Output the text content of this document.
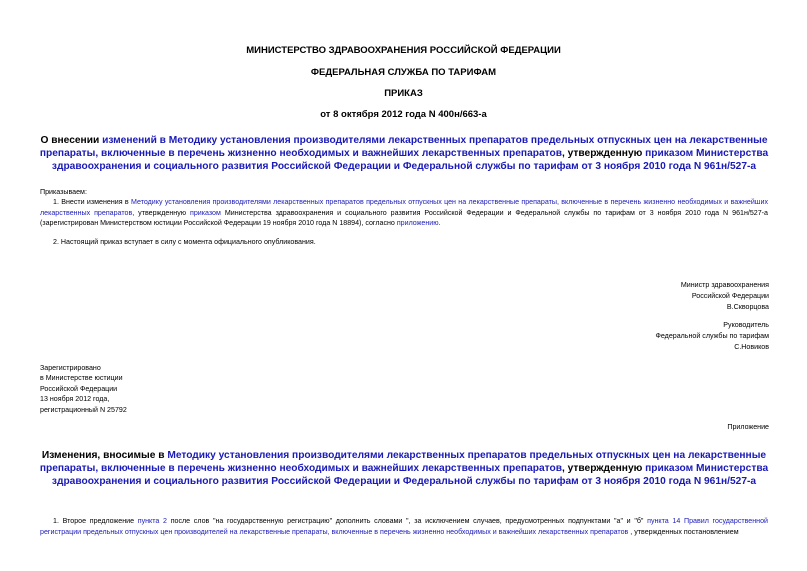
МИНИСТЕРСТВО ЗДРАВООХРАНЕНИЯ РОССИЙСКОЙ ФЕДЕРАЦИИ
ФЕДЕРАЛЬНАЯ СЛУЖБА ПО ТАРИФАМ
ПРИКАЗ
от 8 октября 2012 года N 400н/663-а
О внесении изменений в Методику установления производителями лекарственных препаратов предельных отпускных цен на лекарственные препараты, включенные в перечень жизненно необходимых и важнейших лекарственных препаратов, утвержденную приказом Министерства здравоохранения и социального развития Российской Федерации и Федеральной службы по тарифам от 3 ноября 2010 года N 961н/527-а
Приказываем:
1. Внести изменения в Методику установления производителями лекарственных препаратов предельных отпускных цен на лекарственные препараты, включенные в перечень жизненно необходимых и важнейших лекарственных препаратов, утвержденную приказом Министерства здравоохранения и социального развития Российской Федерации и Федеральной службы по тарифам от 3 ноября 2010 года N 961н/527-а (зарегистрирован Министерством юстиции Российской Федерации 19 ноября 2010 года N 18894), согласно приложению.
2. Настоящий приказ вступает в силу с момента официального опубликования.
Министр здравоохранения
Российской Федерации
В.Скворцова
Руководитель
Федеральной службы по тарифам
С.Новиков
Зарегистрировано
в Министерстве юстиции
Российской Федерации
13 ноября 2012 года,
регистрационный N 25792
Приложение
Изменения, вносимые в Методику установления производителями лекарственных препаратов предельных отпускных цен на лекарственные препараты, включенные в перечень жизненно необходимых и важнейших лекарственных препаратов, утвержденную приказом Министерства здравоохранения и социального развития Российской Федерации и Федеральной службы по тарифам от 3 ноября 2010 года N 961н/527-а
1. Второе предложение пункта 2 после слов "на государственную регистрацию" дополнить словами ", за исключением случаев, предусмотренных подпунктами "а" и "б" пункта 14 Правил государственной регистрации предельных отпускных цен производителей на лекарственные препараты, включенные в перечень жизненно необходимых и важнейших лекарственных препаратов , утвержденных постановлением
